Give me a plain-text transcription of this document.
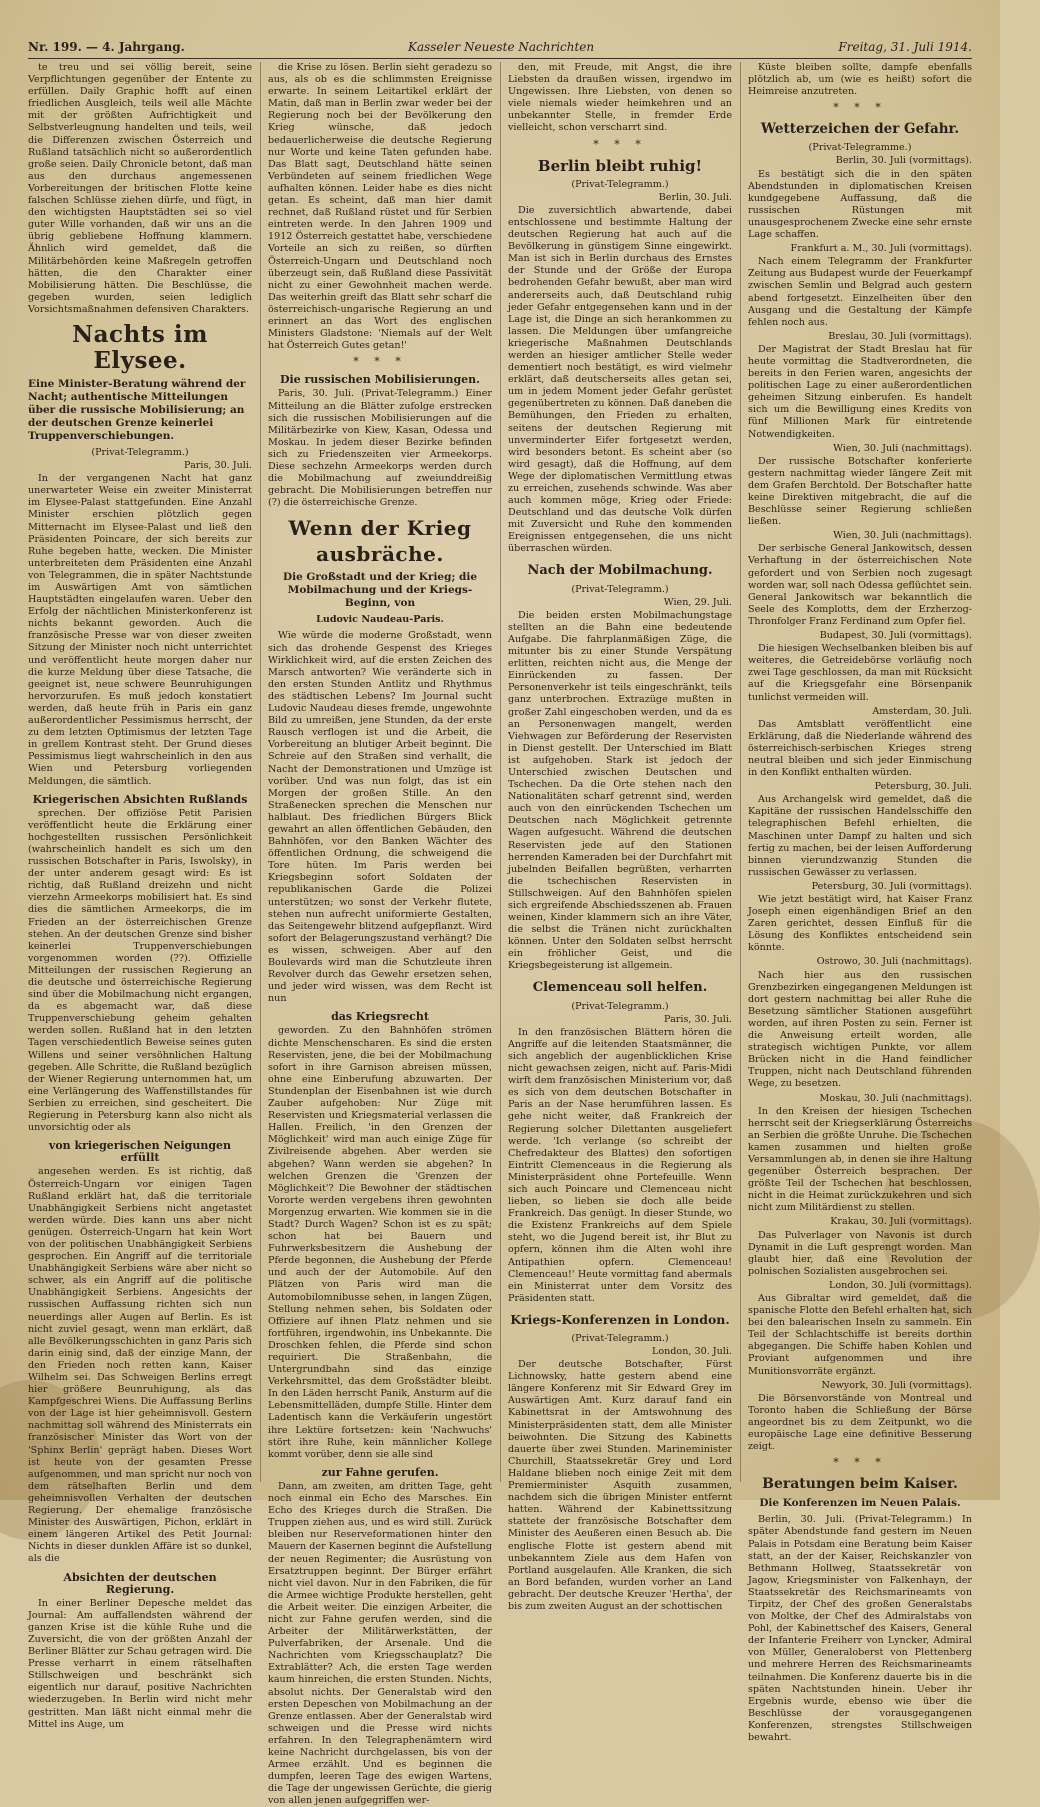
Nr. 199. — 4. Jahrgang.	Kasseler Neueste Nachrichten	Freitag, 31. Juli 1914.

te treu und sei völlig bereit, seine Verpflichtungen gegenüber der Entente zu erfüllen. Daily Graphic hofft auf einen friedlichen Ausgleich, teils weil alle Mächte mit der größten Aufrichtigkeit und Selbstverleugnung handelten und teils, weil die Differenzen zwischen Österreich und Rußland tatsächlich nicht so außerordentlich große seien. Daily Chronicle betont, daß man aus den durchaus angemessenen Vorbereitungen der britischen Flotte keine falschen Schlüsse ziehen dürfe, und fügt, in den wichtigsten Hauptstädten sei so viel guter Wille vorhanden, daß wir uns an die übrig gebliebene Hoffnung klammern. Ähnlich wird gemeldet, daß die Militärbehörden keine Maßregeln getroffen hätten, die den Charakter einer Mobilisierung hätten. Die Beschlüsse, die gegeben wurden, seien lediglich Vorsichtsmaßnahmen defensiven Charakters.

Nachts im Elysee.
Eine Minister-Beratung während der Nacht; authentische Mitteilungen über die russische Mobilisierung; an der deutschen Grenze keinerlei Truppenverschiebungen.
(Privat-Telegramm.)
Paris, 30. Juli.

In der vergangenen Nacht hat ganz unerwarteter Weise ein zweiter Ministerrat im Elysee-Palast stattgefunden. Eine Anzahl Minister erschien plötzlich gegen Mitternacht im Elysee-Palast und ließ den Präsidenten Poincare, der sich bereits zur Ruhe begeben hatte, wecken. Die Minister unterbreiteten dem Präsidenten eine Anzahl von Telegrammen, die in später Nachtstunde im Auswärtigen Amt von sämtlichen Hauptstädten eingelaufen waren. Ueber den Erfolg der nächtlichen Ministerkonferenz ist nichts bekannt geworden. Auch die französische Presse war von dieser zweiten Sitzung der Minister noch nicht unterrichtet und veröffentlicht heute morgen daher nur die kurze Meldung über diese Tatsache, die geeignet ist, neue schwere Beunruhigungen hervorzurufen. Es muß jedoch konstatiert werden, daß heute früh in Paris ein ganz außerordentlicher Pessimismus herrscht, der zu dem letzten Optimismus der letzten Tage in grellem Kontrast steht. Der Grund dieses Pessimismus liegt wahrscheinlich in den aus Wien und Petersburg vorliegenden Meldungen, die sämtlich.

Kriegerischen Absichten Rußlands

sprechen. Der offiziöse Petit Parisien veröffentlicht heute die Erklärung einer hochgestellten russischen Persönlichkeit (wahrscheinlich handelt es sich um den russischen Botschafter in Paris, Iswolsky), in der unter anderem gesagt wird: Es ist richtig, daß Rußland dreizehn und nicht vierzehn Armeekorps mobilisiert hat. Es sind dies die sämtlichen Armeekorps, die im Frieden an der österreichischen Grenze stehen. An der deutschen Grenze sind bisher keinerlei Truppenverschiebungen vorgenommen worden (??). Offizielle Mitteilungen der russischen Regierung an die deutsche und österreichische Regierung sind über die Mobilmachung nicht ergangen, da es abgemacht war, daß diese Truppenverschiebung geheim gehalten werden sollen. Rußland hat in den letzten Tagen verschiedentlich Beweise seines guten Willens und seiner versöhnlichen Haltung gegeben. Alle Schritte, die Rußland bezüglich der Wiener Regierung unternommen hat, um eine Verlängerung des Waffenstillstandes für Serbien zu erreichen, sind gescheitert. Die Regierung in Petersburg kann also nicht als unvorsichtig oder als

von kriegerischen Neigungen erfüllt

angesehen werden. Es ist richtig, daß Österreich-Ungarn vor einigen Tagen Rußland erklärt hat, daß die territoriale Unabhängigkeit Serbiens nicht angetastet werden würde. Dies kann uns aber nicht genügen. Österreich-Ungarn hat kein Wort von der politischen Unabhängigkeit Serbiens gesprochen. Ein Angriff auf die territoriale Unabhängigkeit Serbiens wäre aber nicht so schwer, als ein Angriff auf die politische Unabhängigkeit Serbiens. Angesichts der russischen Auffassung richten sich nun neuerdings aller Augen auf Berlin. Es ist nicht zuviel gesagt, wenn man erklärt, daß alle Bevölkerungsschichten in ganz Paris sich darin einig sind, daß der einzige Mann, der den Frieden noch retten kann, Kaiser Wilhelm sei. Das Schweigen Berlins erregt hier größere Beunruhigung, als das Kampfgeschrei Wiens. Die Auffassung Berlins von der Lage ist hier geheimnisvoll. Gestern nachmittag soll während des Ministerrats ein französischer Minister das Wort von der 'Sphinx Berlin' geprägt haben. Dieses Wort ist heute von der gesamten Presse aufgenommen, und man spricht nur noch von dem rätselhaften Berlin und dem geheimnisvollen Verhalten der deutschen Regierung. Der ehemalige französische Minister des Auswärtigen, Pichon, erklärt in einem längeren Artikel des Petit Journal: Nichts in dieser dunklen Affäre ist so dunkel, als die

Absichten der deutschen Regierung.

In einer Berliner Depesche meldet das Journal: Am auffallendsten während der ganzen Krise ist die kühle Ruhe und die Zuversicht, die von der größten Anzahl der Berliner Blätter zur Schau getragen wird. Die Presse verharrt in einem rätselhaften Stillschweigen und beschränkt sich eigentlich nur darauf, positive Nachrichten wiederzugeben. In Berlin wird nicht mehr gestritten. Man läßt nicht einmal mehr die Mittel ins Auge, um

die Krise zu lösen. Berlin sieht geradezu so aus, als ob es die schlimmsten Ereignisse erwarte. In seinem Leitartikel erklärt der Matin, daß man in Berlin zwar weder bei der Regierung noch bei der Bevölkerung den Krieg wünsche, daß jedoch bedauerlicherweise die deutsche Regierung nur Worte und keine Taten gefunden habe. Das Blatt sagt, Deutschland hätte seinen Verbündeten auf seinem friedlichen Wege aufhalten können. Leider habe es dies nicht getan. Es scheint, daß man hier damit rechnet, daß Rußland rüstet und für Serbien eintreten werde. In den Jahren 1909 und 1912 Österreich gestattet habe, verschiedene Vorteile an sich zu reißen, so dürften Österreich-Ungarn und Deutschland noch überzeugt sein, daß Rußland diese Passivität nicht zu einer Gewohnheit machen werde. Das weiterhin greift das Blatt sehr scharf die österreichisch-ungarische Regierung an und erinnert an das Wort des englischen Ministers Gladstone: 'Niemals auf der Welt hat Österreich Gutes getan!'

* * *
Die russischen Mobilisierungen.

Paris, 30. Juli. (Privat-Telegramm.) Einer Mitteilung an die Blätter zufolge erstrecken sich die russischen Mobilisierungen auf die Militärbezirke von Kiew, Kasan, Odessa und Moskau. In jedem dieser Bezirke befinden sich zu Friedenszeiten vier Armeekorps. Diese sechzehn Armeekorps werden durch die Mobilmachung auf zweiunddreißig gebracht. Die Mobilisierungen betreffen nur (?) die österreichische Grenze.

Wenn der Krieg ausbräche.
Die Großstadt und der Krieg; die Mobilmachung und der Kriegs-Beginn, von
Ludovic Naudeau-Paris.

Wie würde die moderne Großstadt, wenn sich das drohende Gespenst des Krieges Wirklichkeit wird, auf die ersten Zeichen des Marsch antworten? Wie veränderte sich in den ersten Stunden Antlitz und Rhythmus des städtischen Lebens? Im Journal sucht Ludovic Naudeau dieses fremde, ungewohnte Bild zu umreißen, jene Stunden, da der erste Rausch verflogen ist und die Arbeit, die Vorbereitung an blutiger Arbeit beginnt. Die Schreie auf den Straßen sind verhallt, die Nacht der Demonstrationen und Umzüge ist vorüber. Und was nun folgt, das ist ein Morgen der großen Stille. An den Straßenecken sprechen die Menschen nur halblaut. Des friedlichen Bürgers Blick gewahrt an allen öffentlichen Gebäuden, den Bahnhöfen, vor den Banken Wächter des öffentlichen Ordnung, die schweigend die Tore hüten. Im Paris werden bei Kriegsbeginn sofort Soldaten der republikanischen Garde die Polizei unterstützen; wo sonst der Verkehr flutete, stehen nun aufrecht uniformierte Gestalten, das Seitengewehr blitzend aufgepflanzt. Wird sofort der Belagerungszustand verhängt? Die es wissen, schweigen. Aber auf den Boulevards wird man die Schutzleute ihren Revolver durch das Gewehr ersetzen sehen, und jeder wird wissen, was dem Recht ist nun

das Kriegsrecht

geworden. Zu den Bahnhöfen strömen dichte Menschenscharen. Es sind die ersten Reservisten, jene, die bei der Mobilmachung sofort in ihre Garnison abreisen müssen, ohne eine Einberufung abzuwarten. Der Stundenplan der Eisenbahnen ist wie durch Zauber aufgehoben: Nur Züge mit Reservisten und Kriegsmaterial verlassen die Hallen. Freilich, 'in den Grenzen der Möglichkeit' wird man auch einige Züge für Zivilreisende abgehen. Aber werden sie abgehen? Wann werden sie abgehen? In welchen Grenzen die 'Grenzen der Möglichkeit'? Die Bewohner der städtischen Vororte werden vergebens ihren gewohnten Morgenzug erwarten. Wie kommen sie in die Stadt? Durch Wagen? Schon ist es zu spät; schon hat bei Bauern und Fuhrwerksbesitzern die Aushebung der Pferde begonnen, die Aushebung der Pferde und auch der der Automobile. Auf den Plätzen von Paris wird man die Automobilomnibusse sehen, in langen Zügen, Stellung nehmen sehen, bis Soldaten oder Offiziere auf ihnen Platz nehmen und sie fortführen, irgendwohin, ins Unbekannte. Die Droschken fehlen, die Pferde sind schon requiriert. Die Straßenbahn, die Untergrundbahn sind das einzige Verkehrsmittel, das dem Großstädter bleibt. In den Läden herrscht Panik, Ansturm auf die Lebensmittelläden, dumpfe Stille. Hinter dem Ladentisch kann die Verkäuferin ungestört ihre Lektüre fortsetzen: kein 'Nachwuchs' stört ihre Ruhe, kein männlicher Kollege kommt vorüber, denn sie alle sind

zur Fahne gerufen.

Dann, am zweiten, am dritten Tage, geht noch einmal ein Echo des Marsches. Ein Echo des Krieges durch die Straßen. Die Truppen ziehen aus, und es wird still. Zurück bleiben nur Reserveformationen hinter den Mauern der Kasernen beginnt die Aufstellung der neuen Regimenter; die Ausrüstung von Ersatztruppen beginnt. Der Bürger erfährt nicht viel davon. Nur in den Fabriken, die für die Armee wichtige Produkte herstellen, geht die Arbeit weiter. Die einzigen Arbeiter, die nicht zur Fahne gerufen werden, sind die Arbeiter der Militärwerkstätten, der Pulverfabriken, der Arsenale. Und die Nachrichten vom Kriegsschauplatz? Die Extrablätter? Ach, die ersten Tage werden kaum hinreichen, die ersten Stunden. Nichts, absolut nichts. Der Generalstab wird den ersten Depeschen von Mobilmachung an der Grenze entlassen. Aber der Generalstab wird schweigen und die Presse wird nichts erfahren. In den Telegraphenämtern wird keine Nachricht durchgelassen, bis von der Armee erzählt. Und es beginnen die dumpfen, leeren Tage des ewigen Wartens, die Tage der ungewissen Gerüchte, die gierig von allen jenen aufgegriffen wer-

den, mit Freude, mit Angst, die ihre Liebsten da draußen wissen, irgendwo im Ungewissen. Ihre Liebsten, von denen so viele niemals wieder heimkehren und an unbekannter Stelle, in fremder Erde vielleicht, schon verscharrt sind.

* * *
Berlin bleibt ruhig!
(Privat-Telegramm.)
Berlin, 30. Juli.

Die zuversichtlich abwartende, dabei entschlossene und bestimmte Haltung der deutschen Regierung hat auch auf die Bevölkerung in günstigem Sinne eingewirkt. Man ist sich in Berlin durchaus des Ernstes der Stunde und der Größe der Europa bedrohenden Gefahr bewußt, aber man wird andererseits auch, daß Deutschland ruhig jeder Gefahr entgegensehen kann und in der Lage ist, die Dinge an sich herankommen zu lassen. Die Meldungen über umfangreiche kriegerische Maßnahmen Deutschlands werden an hiesiger amtlicher Stelle weder dementiert noch bestätigt, es wird vielmehr erklärt, daß deutscherseits alles getan sei, um in jedem Moment jeder Gefahr gerüstet gegenübertreten zu können. Daß daneben die Bemühungen, den Frieden zu erhalten, seitens der deutschen Regierung mit unverminderter Eifer fortgesetzt werden, wird besonders betont. Es scheint aber (so wird gesagt), daß die Hoffnung, auf dem Wege der diplomatischen Vermittlung etwas zu erreichen, zusehends schwinde. Was aber auch kommen möge, Krieg oder Friede: Deutschland und das deutsche Volk dürfen mit Zuversicht und Ruhe den kommenden Ereignissen entgegensehen, die uns nicht überraschen würden.

Nach der Mobilmachung.
(Privat-Telegramm.)
Wien, 29. Juli.

Die beiden ersten Mobilmachungstage stellten an die Bahn eine bedeutende Aufgabe. Die fahrplanmäßigen Züge, die mitunter bis zu einer Stunde Verspätung erlitten, reichten nicht aus, die Menge der Einrückenden zu fassen. Der Personenverkehr ist teils eingeschränkt, teils ganz unterbrochen. Extrazüge mußten in großer Zahl eingeschoben werden, und da es an Personenwagen mangelt, werden Viehwagen zur Beförderung der Reservisten in Dienst gestellt. Der Unterschied im Blatt ist aufgehoben. Stark ist jedoch der Unterschied zwischen Deutschen und Tschechen. Da die Orte stehen nach den Nationalitäten scharf getrennt sind, werden auch von den einrückenden Tschechen um Deutschen nach Möglichkeit getrennte Wagen aufgesucht. Während die deutschen Reservisten jede auf den Stationen herrenden Kameraden bei der Durchfahrt mit jubelnden Beifallen begrüßten, verharrten die tschechischen Reservisten in Stillschweigen. Auf den Bahnhöfen spielen sich ergreifende Abschiedsszenen ab. Frauen weinen, Kinder klammern sich an ihre Väter, die selbst die Tränen nicht zurückhalten können. Unter den Soldaten selbst herrscht ein fröhlicher Geist, und die Kriegsbegeisterung ist allgemein.

Clemenceau soll helfen.
(Privat-Telegramm.)
Paris, 30. Juli.

In den französischen Blättern hören die Angriffe auf die leitenden Staatsmänner, die sich angeblich der augenblicklichen Krise nicht gewachsen zeigen, nicht auf. Paris-Midi wirft dem französischen Ministerium vor, daß es sich von dem deutschen Botschafter in Paris an der Nase herumführen lassen. Es gehe nicht weiter, daß Frankreich der Regierung solcher Dilettanten ausgeliefert werde. 'Ich verlange (so schreibt der Chefredakteur des Blattes) den sofortigen Eintritt Clemenceaus in die Regierung als Ministerpräsident ohne Portefeuille. Wenn sich auch Poincare und Clemenceau nicht lieben, so lieben sie doch alle beide Frankreich. Das genügt. In dieser Stunde, wo die Existenz Frankreichs auf dem Spiele steht, wo die Jugend bereit ist, ihr Blut zu opfern, können ihm die Alten wohl ihre Antipathien opfern. Clemenceau! Clemenceau!' Heute vormittag fand abermals ein Ministerrat unter dem Vorsitz des Präsidenten statt.

Kriegs-Konferenzen in London.
(Privat-Telegramm.)
London, 30. Juli.

Der deutsche Botschafter, Fürst Lichnowsky, hatte gestern abend eine längere Konferenz mit Sir Edward Grey im Auswärtigen Amt. Kurz darauf fand ein Kabinettsrat in der Amtswohnung des Ministerpräsidenten statt, dem alle Minister beiwohnten. Die Sitzung des Kabinetts dauerte über zwei Stunden. Marineminister Churchill, Staatssekretär Grey und Lord Haldane blieben noch einige Zeit mit dem Premierminister Asquith zusammen, nachdem sich die übrigen Minister entfernt hatten. Während der Kabinettssitzung stattete der französische Botschafter dem Minister des Aeußeren einen Besuch ab. Die englische Flotte ist gestern abend mit unbekanntem Ziele aus dem Hafen von Portland ausgelaufen. Alle Kranken, die sich an Bord befanden, wurden vorher an Land gebracht. Der deutsche Kreuzer 'Hertha', der bis zum zweiten August an der schottischen

Küste bleiben sollte, dampfe ebenfalls plötzlich ab, um (wie es heißt) sofort die Heimreise anzutreten.

* * *
Wetterzeichen der Gefahr.
(Privat-Telegramme.)
Berlin, 30. Juli (vormittags).

Es bestätigt sich die in den späten Abendstunden in diplomatischen Kreisen kundgegebene Auffassung, daß die russischen Rüstungen mit unausgesprochenem Zwecke eine sehr ernste Lage schaffen.

Frankfurt a. M., 30. Juli (vormittags).

Nach einem Telegramm der Frankfurter Zeitung aus Budapest wurde der Feuerkampf zwischen Semlin und Belgrad auch gestern abend fortgesetzt. Einzelheiten über den Ausgang und die Gestaltung der Kämpfe fehlen noch aus.

Breslau, 30. Juli (vormittags).

Der Magistrat der Stadt Breslau hat für heute vormittag die Stadtverordneten, die bereits in den Ferien waren, angesichts der politischen Lage zu einer außerordentlichen geheimen Sitzung einberufen. Es handelt sich um die Bewilligung eines Kredits von fünf Millionen Mark für eintretende Notwendigkeiten.

Wien, 30. Juli (nachmittags).

Der russische Botschafter konferierte gestern nachmittag wieder längere Zeit mit dem Grafen Berchtold. Der Botschafter hatte keine Direktiven mitgebracht, die auf die Beschlüsse seiner Regierung schließen ließen.

Wien, 30. Juli (nachmittags).

Der serbische General Jankowitsch, dessen Verhaftung in der österreichischen Note gefordert und von Serbien noch zugesagt worden war, soll nach Odessa geflüchtet sein. General Jankowitsch war bekanntlich die Seele des Komplotts, dem der Erzherzog-Thronfolger Franz Ferdinand zum Opfer fiel.

Budapest, 30. Juli (vormittags).

Die hiesigen Wechselbanken bleiben bis auf weiteres, die Getreidebörse vorläufig noch zwei Tage geschlossen, da man mit Rücksicht auf die Kriegsgefahr eine Börsenpanik tunlichst vermeiden will.

Amsterdam, 30. Juli.

Das Amtsblatt veröffentlicht eine Erklärung, daß die Niederlande während des österreichisch-serbischen Krieges streng neutral bleiben und sich jeder Einmischung in den Konflikt enthalten würden.

Petersburg, 30. Juli.

Aus Archangelsk wird gemeldet, daß die Kapitäne der russischen Handelsschiffe den telegraphischen Befehl erhielten, die Maschinen unter Dampf zu halten und sich fertig zu machen, bei der leisen Aufforderung binnen vierundzwanzig Stunden die russischen Gewässer zu verlassen.

Petersburg, 30. Juli (vormittags).

Wie jetzt bestätigt wird, hat Kaiser Franz Joseph einen eigenhändigen Brief an den Zaren gerichtet, dessen Einfluß für die Lösung des Konfliktes entscheidend sein könnte.

Ostrowo, 30. Juli (nachmittags).

Nach hier aus den russischen Grenzbezirken eingegangenen Meldungen ist dort gestern nachmittag bei aller Ruhe die Besetzung sämtlicher Stationen ausgeführt worden, auf ihren Posten zu sein. Ferner ist die Anweisung erteilt worden, alle strategisch wichtigen Punkte, vor allem Brücken nicht in die Hand feindlicher Truppen, nicht nach Deutschland führenden Wege, zu besetzen.

Moskau, 30. Juli (nachmittags).

In den Kreisen der hiesigen Tschechen herrscht seit der Kriegserklärung Österreichs an Serbien die größte Unruhe. Die Tschechen kamen zusammen und hielten große Versammlungen ab, in denen sie ihre Haltung gegenüber Österreich besprachen. Der größte Teil der Tschechen hat beschlossen, nicht in die Heimat zurückzukehren und sich nicht zum Militärdienst zu stellen.

Krakau, 30. Juli (vormittags).

Das Pulverlager von Navonis ist durch Dynamit in die Luft gesprengt worden. Man glaubt hier, daß eine Revolution der polnischen Sozialisten ausgebrochen sei.

London, 30. Juli (vormittags).

Aus Gibraltar wird gemeldet, daß die spanische Flotte den Befehl erhalten hat, sich bei den balearischen Inseln zu sammeln. Ein Teil der Schlachtschiffe ist bereits dorthin abgegangen. Die Schiffe haben Kohlen und Proviant aufgenommen und ihre Munitionsvorräte ergänzt.

Newyork, 30. Juli (vormittags).

Die Börsenvorstände von Montreal und Toronto haben die Schließung der Börse angeordnet bis zu dem Zeitpunkt, wo die europäische Lage eine definitive Besserung zeigt.

* * *
Beratungen beim Kaiser.
Die Konferenzen im Neuen Palais.

Berlin, 30. Juli. (Privat-Telegramm.) In später Abendstunde fand gestern im Neuen Palais in Potsdam eine Beratung beim Kaiser statt, an der der Kaiser, Reichskanzler von Bethmann Hollweg, Staatssekretär von Jagow, Kriegsminister von Falkenhayn, der Staatssekretär des Reichsmarineamts von Tirpitz, der Chef des großen Generalstabs von Moltke, der Chef des Admiralstabs von Pohl, der Kabinettschef des Kaisers, General der Infanterie Freiherr von Lyncker, Admiral von Müller, Generaloberst von Plettenberg und mehrere Herren des Reichsmarineamts teilnahmen. Die Konferenz dauerte bis in die späten Nachtstunden hinein. Ueber ihr Ergebnis wurde, ebenso wie über die Beschlüsse der vorausgegangenen Konferenzen, strengstes Stillschweigen bewahrt.
